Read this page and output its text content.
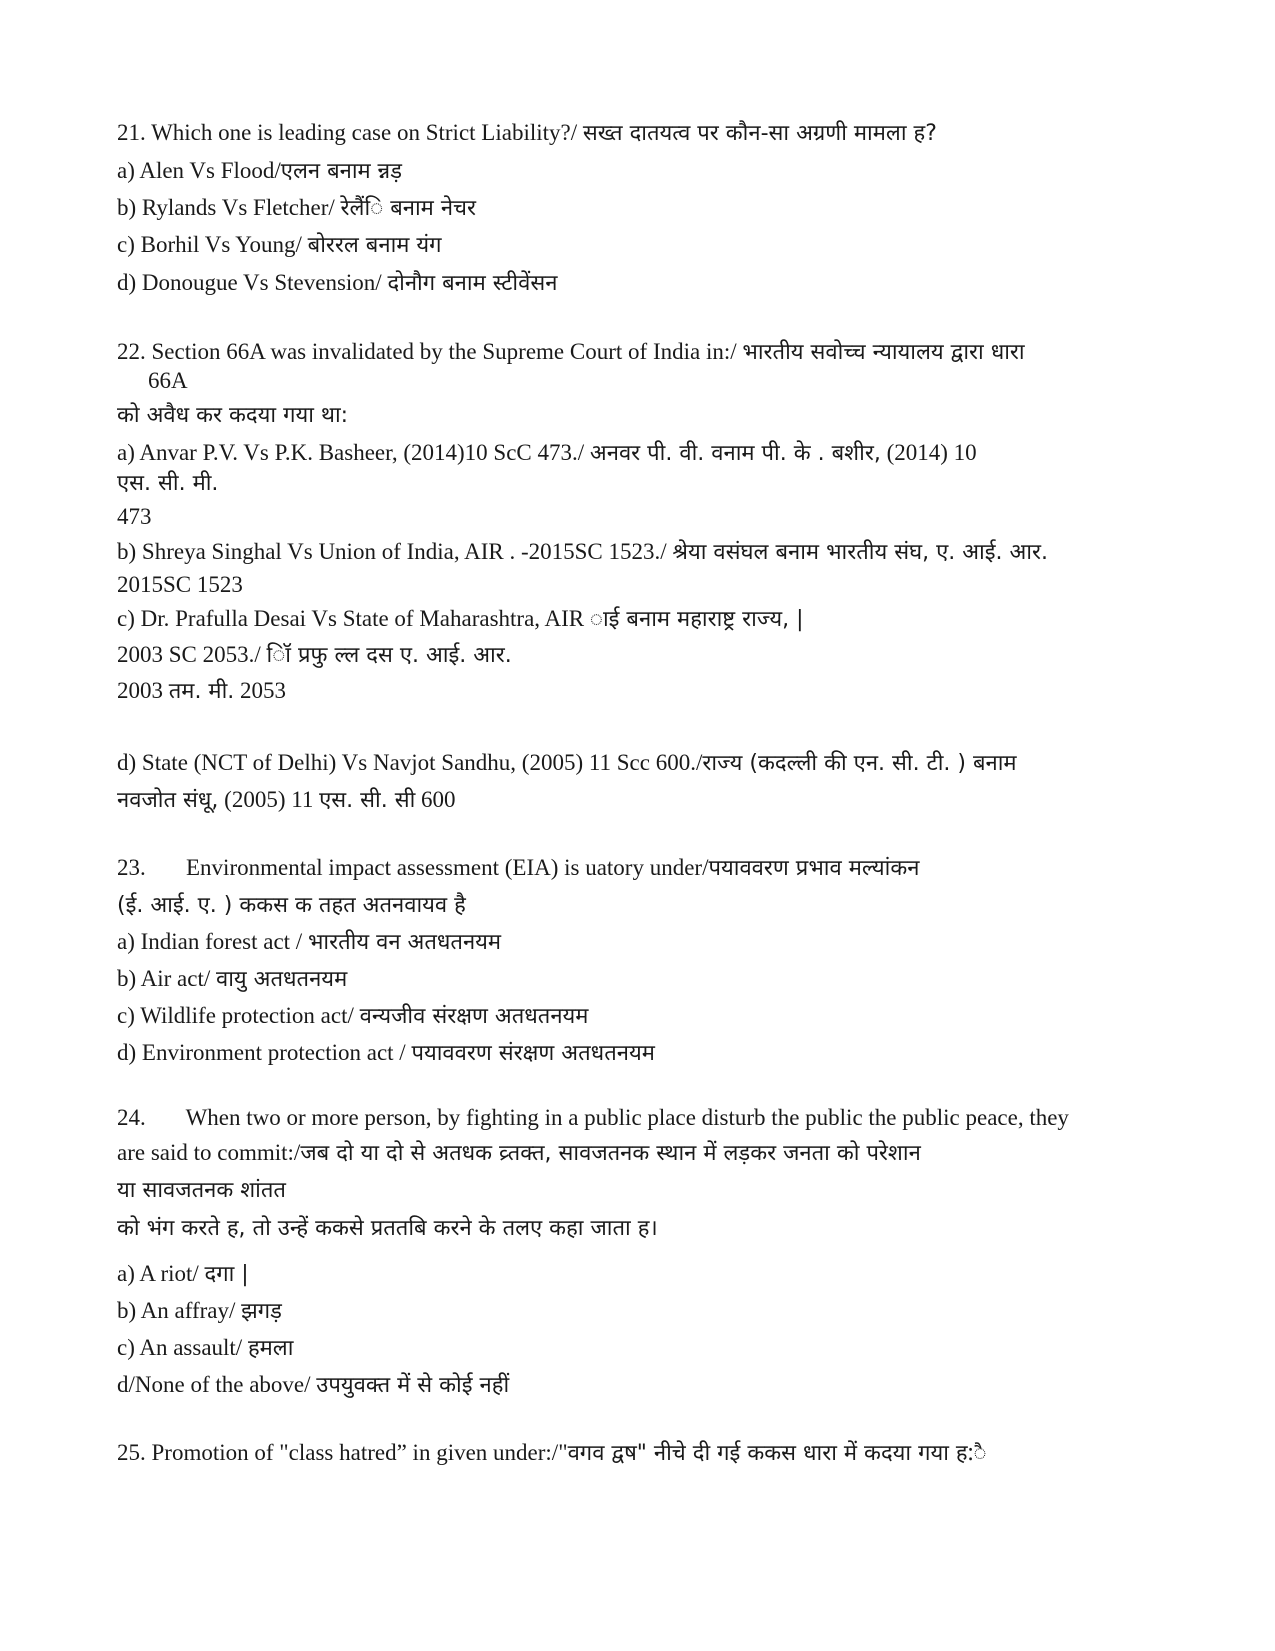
21. Which one is leading case on Strict Liability?/ सख्त दातयत्व पर कौन-सा अग्रणी मामला ह?
a) Alen Vs Flood/एलन बनाम न्नड़
b) Rylands Vs Fletcher/ रेलैं​ि बनाम नेचर
c) Borhil Vs Young/ बोररल बनाम यंग
d) Donougue Vs Stevension/ दोनौग बनाम स्टीवेंसन
22. Section 66A was invalidated by the Supreme Court of India in:/ भारतीय सवोच्च न्यायालय द्वारा धारा
66A
को अवैध कर कदया गया था:
a) Anvar P.V. Vs P.K. Basheer, (2014)10 ScC 473./ अनवर पी. वी. वनाम पी. के . बशीर, (2014) 10
एस. सी. मी.
473
b) Shreya Singhal Vs Union of India, AIR . -2015SC 1523./ श्रेया वसंघल बनाम भारतीय संघ, ए. आई. आर.
2015SC 1523
c) Dr. Prafulla Desai Vs State of Maharashtra, AIR ाई बनाम महाराष्ट्र राज्य, |
2003 SC 2053./ िॉ प्रफु ल्ल दस ए. आई. आर.
2003 तम. मी. 2053
d) State (NCT of Delhi) Vs Navjot Sandhu, (2005) 11 Scc 600./राज्य (कदल्ली की एन. सी. टी. ) बनाम
नवजोत संधू, (2005) 11 एस. सी. सी 600
23.       Environmental impact assessment (EIA) is uatory under/पयाववरण प्रभाव मल्यांकन
(ई. आई. ए. ) ककस क तहत अतनवायव है
a) Indian forest act / भारतीय वन अतधतनयम
b) Air act/ वायु अतधतनयम
c) Wildlife protection act/ वन्यजीव संरक्षण अतधतनयम
d) Environment protection act / पयाववरण संरक्षण अतधतनयम
24.       When two or more person, by fighting in a public place disturb the public the public peace, they
are said to commit:/जब दो या दो से अतधक व्र्तक्त, सावजतनक स्थान में लड़कर जनता को परेशान
या सावजतनक शांतत
को भंग करते ह, तो उन्हें ककसे प्रततबि करने के तलए कहा जाता ह।
a) A riot/ दगा |
b) An affray/ झगड़
c) An assault/ हमला
d/None of the above/ उपयुवक्त में से कोई नहीं
25. Promotion of "class hatred” in given under:/"वगव द्वष" नीचे दी गई ककस धारा में कदया गया ह:ै
